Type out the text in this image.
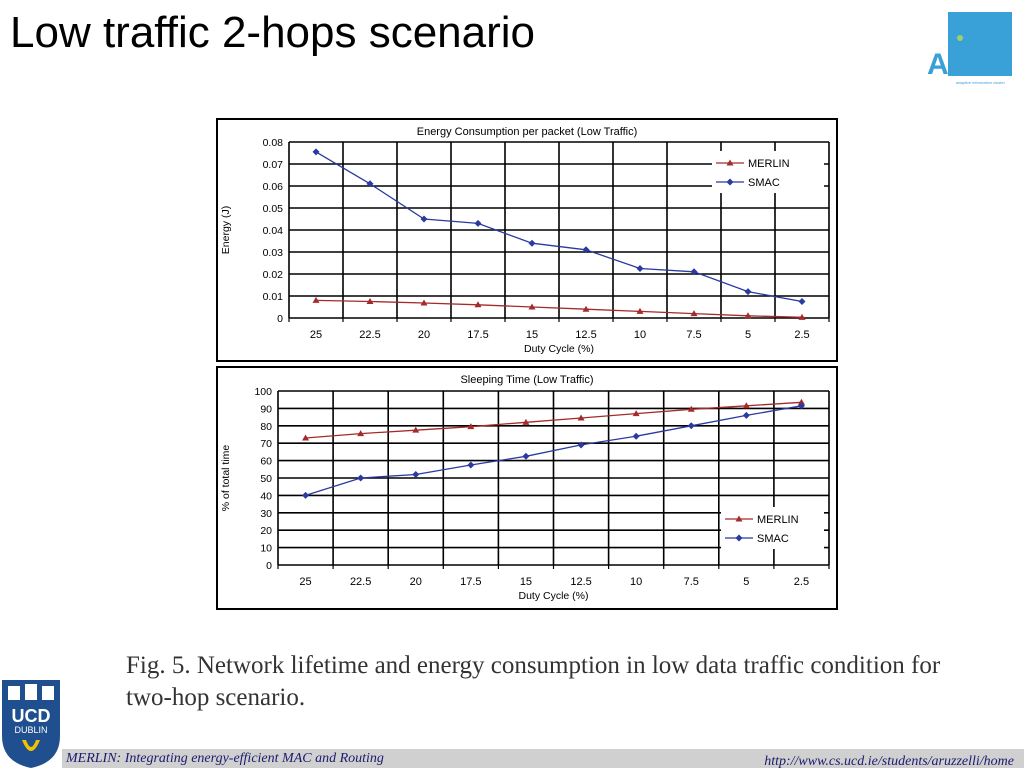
Low traffic 2-hops scenario
AIC
adaptive information cluster
Energy Consumption per packet (Low Traffic)
0
0.01
0.02
0.03
0.04
0.05
0.06
0.07
0.08
25	22.5	20	17.5	15	12.5	10	7.5	5	2.5
Duty Cycle (%)
Energy (J)
MERLIN
SMAC
Sleeping Time (Low Traffic)
0
10
20
30
40
50
60
70
80
90
100
25	22.5	20	17.5	15	12.5	10	7.5	5	2.5
Duty Cycle (%)
% of total time
MERLIN
SMAC

Fig. 5. Network lifetime and energy consumption in low data traffic condition for two-hop scenario.

UCD
DUBLIN
MERLIN: Integrating energy-efficient MAC and Routing	http://www.cs.ucd.ie/students/aruzzelli/home
